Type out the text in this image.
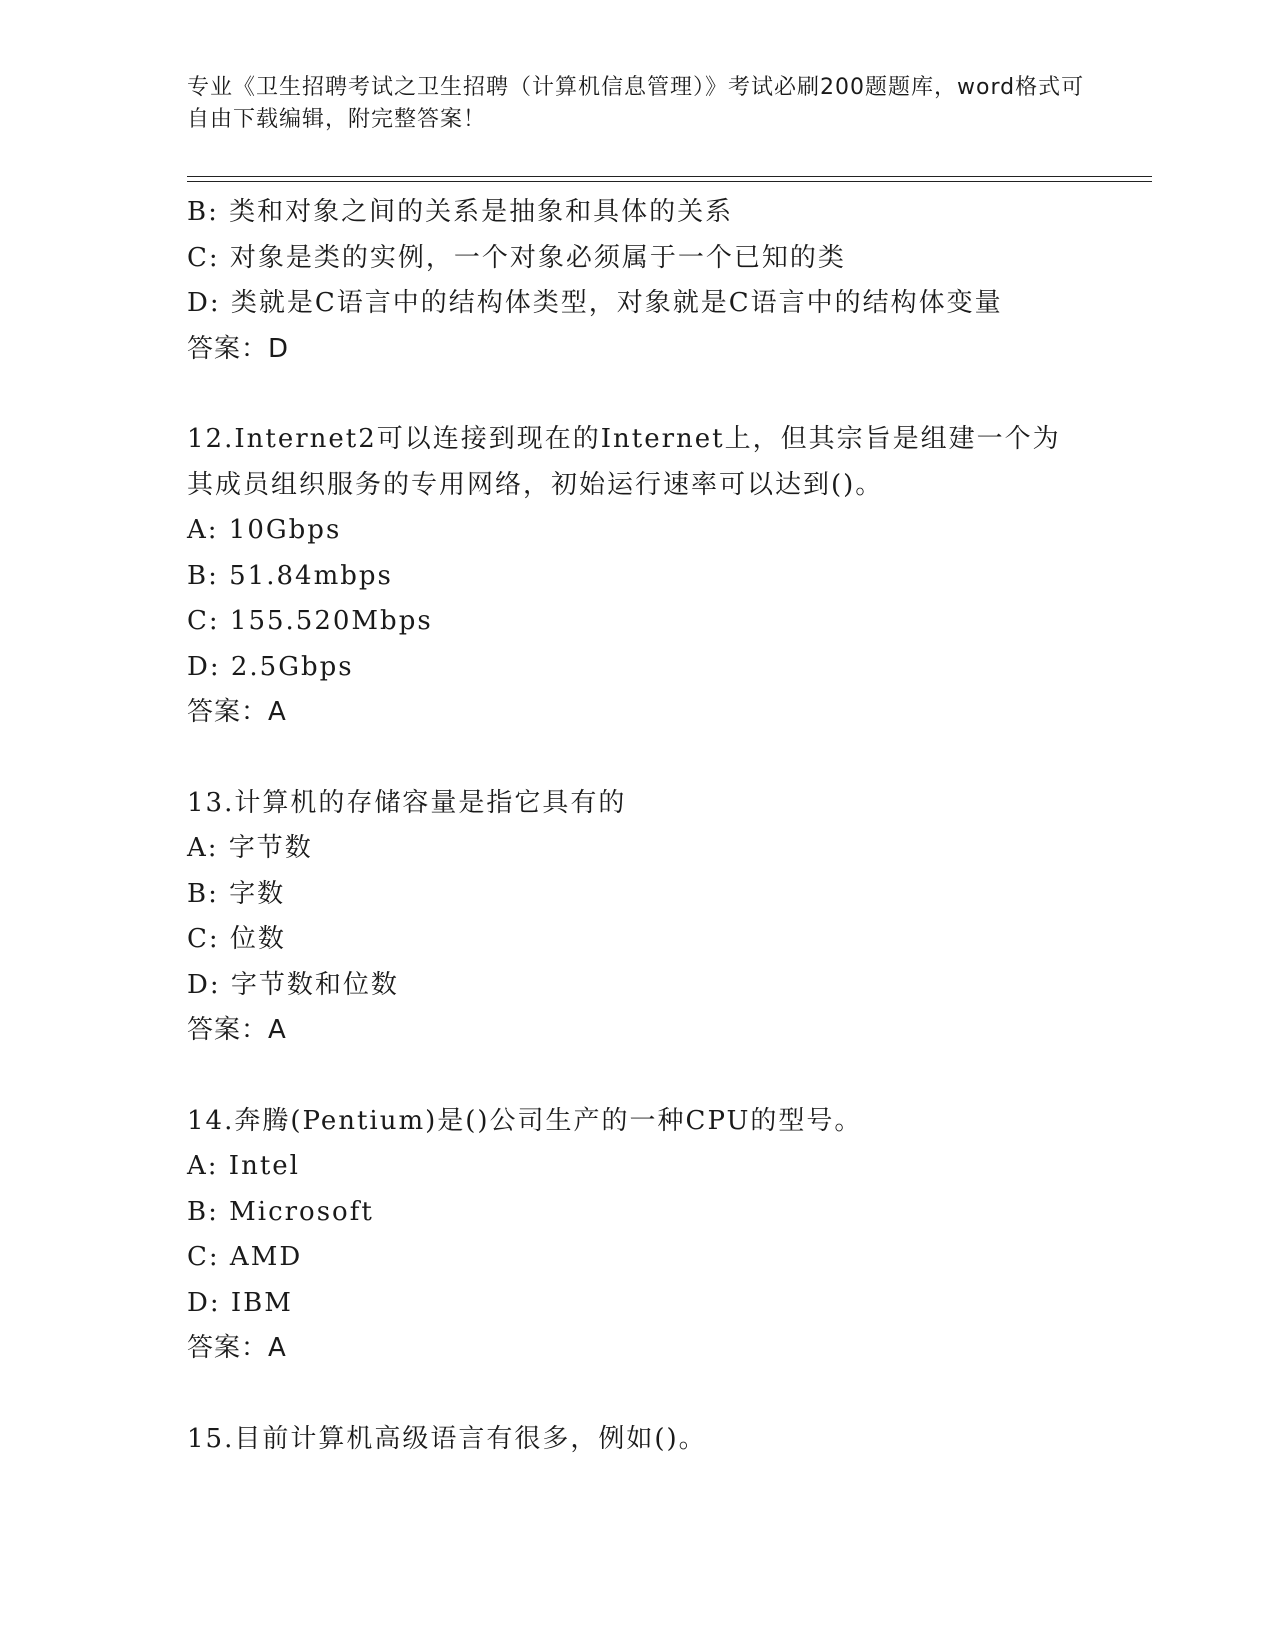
专业《卫生招聘考试之卫生招聘（计算机信息管理）》考试必刷200题题库，word格式可自由下载编辑，附完整答案！
B: 类和对象之间的关系是抽象和具体的关系
C: 对象是类的实例，一个对象必须属于一个已知的类
D: 类就是C语言中的结构体类型，对象就是C语言中的结构体变量
答案：D
12.Internet2可以连接到现在的Internet上，但其宗旨是组建一个为其成员组织服务的专用网络，初始运行速率可以达到()。
A: 10Gbps
B: 51.84mbps
C: 155.520Mbps
D: 2.5Gbps
答案：A
13.计算机的存储容量是指它具有的
A: 字节数
B: 字数
C: 位数
D: 字节数和位数
答案：A
14.奔腾(Pentium)是()公司生产的一种CPU的型号。
A: Intel
B: Microsoft
C: AMD
D: IBM
答案：A
15.目前计算机高级语言有很多，例如()。
